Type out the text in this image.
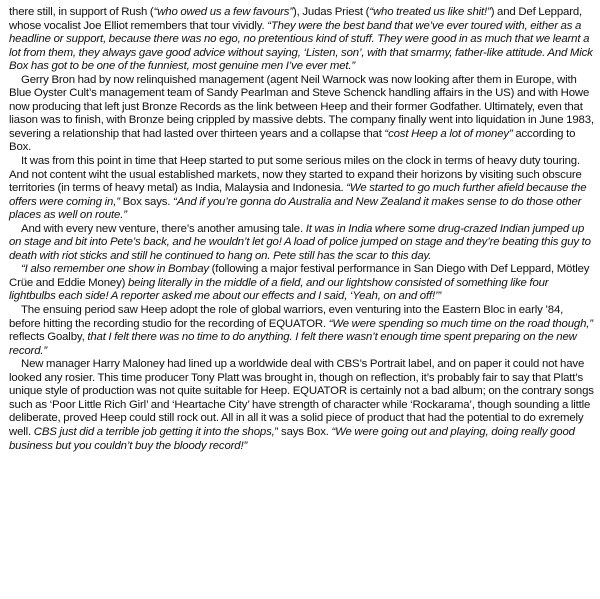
there still, in support of Rush (“who owed us a few favours”), Judas Priest (“who treated us like shit!”) and Def Leppard, whose vocalist Joe Elliot remembers that tour vividly. “They were the best band that we’ve ever toured with, either as a headline or support, because there was no ego, no pretentious kind of stuff. They were good in as much that we learnt a lot from them, they always gave good advice without saying, ‘Listen, son’, with that smarmy, father-like attitude. And Mick Box has got to be one of the funniest, most genuine men I’ve ever met.”

Gerry Bron had by now relinquished management (agent Neil Warnock was now looking after them in Europe, with Blue Oyster Cult’s management team of Sandy Pearlman and Steve Schenck handling affairs in the US) and with Howe now producing that left just Bronze Records as the link between Heep and their former Godfather. Ultimately, even that liason was to finish, with Bronze being crippled by massive debts. The company finally went into liquidation in June 1983, severing a relationship that had lasted over thirteen years and a collapse that “cost Heep a lot of money” according to Box.

It was from this point in time that Heep started to put some serious miles on the clock in terms of heavy duty touring. And not content wiht the usual established markets, now they started to expand their horizons by visiting such obscure territories (in terms of heavy metal) as India, Malaysia and Indonesia. “We started to go much further afield because the offers were coming in,” Box says. “And if you’re gonna do Australia and New Zealand it makes sense to do those other places as well on route.”

And with every new venture, there’s another amusing tale. It was in India where some drug-crazed Indian jumped up on stage and bit into Pete’s back, and he wouldn’t let go! A load of police jumped on stage and they’re beating this guy to death with riot sticks and still he continued to hang on. Pete still has the scar to this day.

“I also remember one show in Bombay (following a major festival performance in San Diego with Def Leppard, Mötley Crüe and Eddie Money) being literally in the middle of a field, and our lightshow consisted of something like four lightbulbs each side! A reporter asked me about our effects and I said, ‘Yeah, on and off!’”

The ensuing period saw Heep adopt the role of global warriors, even venturing into the Eastern Bloc in early ’84, before hitting the recording studio for the recording of EQUATOR. “We were spending so much time on the road though,” reflects Goalby, that I felt there was no time to do anything. I felt there wasn’t enough time spent preparing on the new record.”

New manager Harry Maloney had lined up a worldwide deal with CBS’s Portrait label, and on paper it could not have looked any rosier. This time producer Tony Platt was brought in, though on reflection, it’s probably fair to say that Platt’s unique style of production was not quite suitable for Heep. EQUATOR is certainly not a bad album; on the contrary songs such as ‘Poor Little Rich Girl’ and ‘Heartache City’ have strength of character while ‘Rockarama’, though sounding a little deliberate, proved Heep could still rock out. All in all it was a solid piece of product that had the potential to do exremely well. CBS just did a terrible job getting it into the shops,” says Box. “We were going out and playing, doing really good business but you couldn’t buy the bloody record!”
